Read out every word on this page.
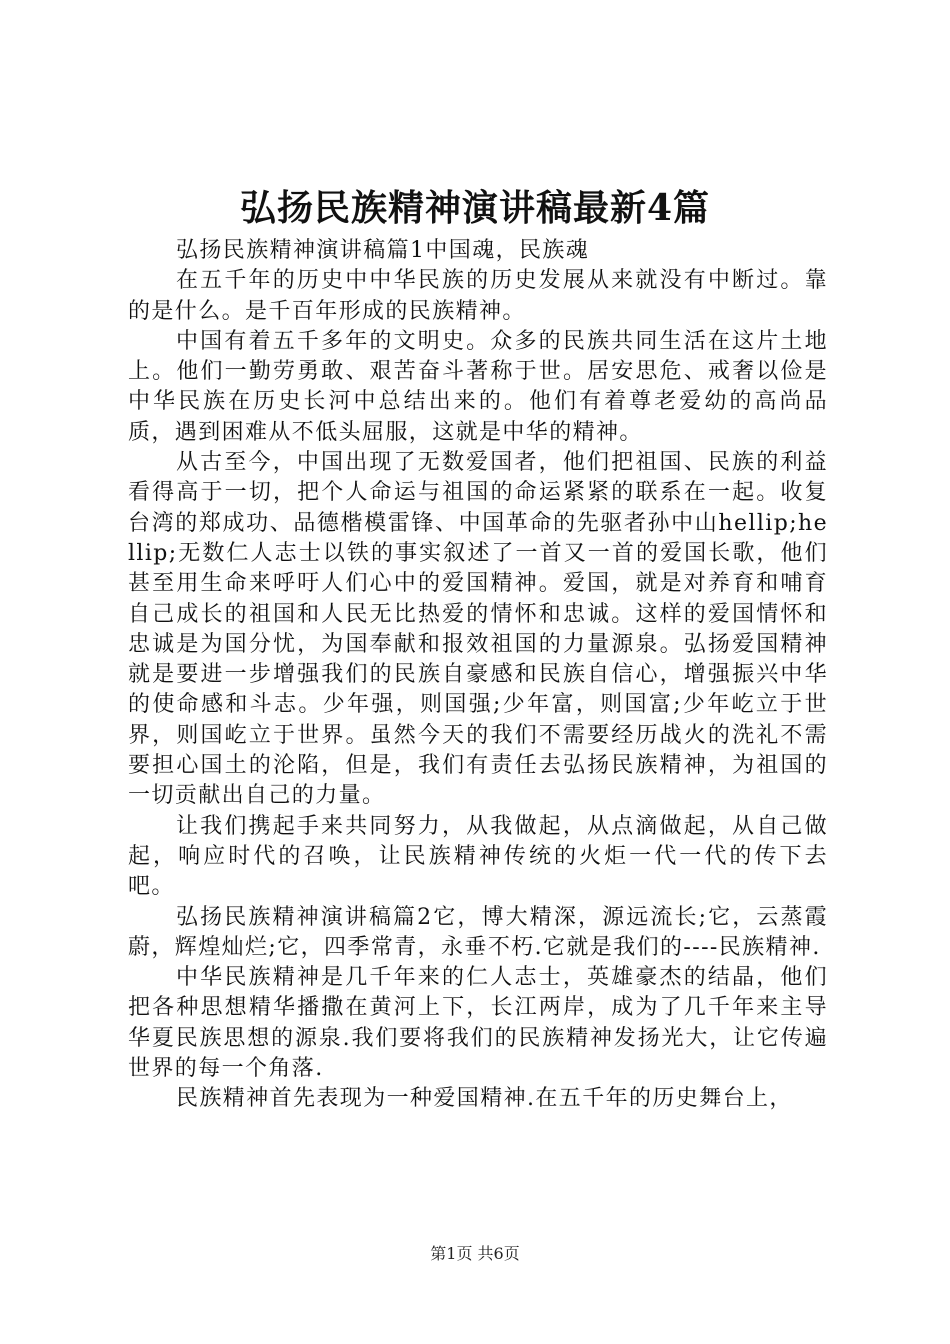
弘扬民族精神演讲稿最新4篇

弘扬民族精神演讲稿篇1中国魂，民族魂

在五千年的历史中中华民族的历史发展从来就没有中断过。靠的是什么。是千百年形成的民族精神。

中国有着五千多年的文明史。众多的民族共同生活在这片土地上。他们一勤劳勇敢、艰苦奋斗著称于世。居安思危、戒奢以俭是中华民族在历史长河中总结出来的。他们有着尊老爱幼的高尚品质，遇到困难从不低头屈服，这就是中华的精神。

从古至今，中国出现了无数爱国者，他们把祖国、民族的利益看得高于一切，把个人命运与祖国的命运紧紧的联系在一起。收复台湾的郑成功、品德楷模雷锋、中国革命的先驱者孙中山hellip;hellip;无数仁人志士以铁的事实叙述了一首又一首的爱国长歌，他们甚至用生命来呼吁人们心中的爱国精神。爱国，就是对养育和哺育自己成长的祖国和人民无比热爱的情怀和忠诚。这样的爱国情怀和忠诚是为国分忧，为国奉献和报效祖国的力量源泉。弘扬爱国精神就是要进一步增强我们的民族自豪感和民族自信心，增强振兴中华的使命感和斗志。少年强，则国强;少年富，则国富;少年屹立于世界，则国屹立于世界。虽然今天的我们不需要经历战火的洗礼不需要担心国土的沦陷，但是，我们有责任去弘扬民族精神，为祖国的一切贡献出自己的力量。

让我们携起手来共同努力，从我做起，从点滴做起，从自己做起，响应时代的召唤，让民族精神传统的火炬一代一代的传下去吧。

弘扬民族精神演讲稿篇2它，博大精深，源远流长;它，云蒸霞蔚，辉煌灿烂;它，四季常青，永垂不朽.它就是我们的----民族精神.

中华民族精神是几千年来的仁人志士，英雄豪杰的结晶，他们把各种思想精华播撒在黄河上下，长江两岸，成为了几千年来主导华夏民族思想的源泉.我们要将我们的民族精神发扬光大，让它传遍世界的每一个角落.

民族精神首先表现为一种爱国精神.在五千年的历史舞台上，

第1页 共6页
